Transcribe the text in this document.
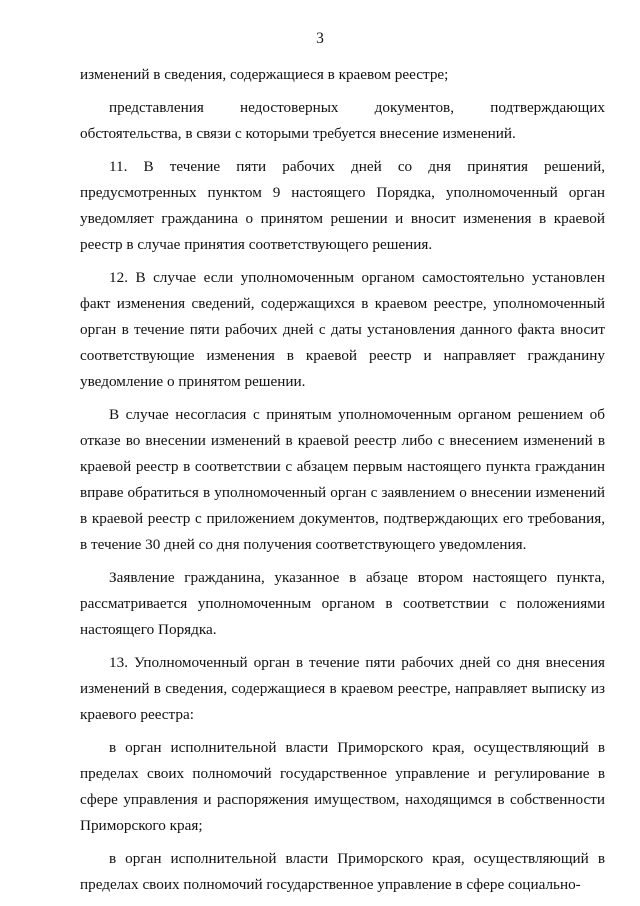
3

изменений в сведения, содержащиеся в краевом реестре;

представления недостоверных документов, подтверждающих обстоятельства, в связи с которыми требуется внесение изменений.

11. В течение пяти рабочих дней со дня принятия решений, предусмотренных пунктом 9 настоящего Порядка, уполномоченный орган уведомляет гражданина о принятом решении и вносит изменения в краевой реестр в случае принятия соответствующего решения.

12. В случае если уполномоченным органом самостоятельно установлен факт изменения сведений, содержащихся в краевом реестре, уполномоченный орган в течение пяти рабочих дней с даты установления данного факта вносит соответствующие изменения в краевой реестр и направляет гражданину уведомление о принятом решении.

В случае несогласия с принятым уполномоченным органом решением об отказе во внесении изменений в краевой реестр либо с внесением изменений в краевой реестр в соответствии с абзацем первым настоящего пункта гражданин вправе обратиться в уполномоченный орган с заявлением о внесении изменений в краевой реестр с приложением документов, подтверждающих его требования, в течение 30 дней со дня получения соответствующего уведомления.

Заявление гражданина, указанное в абзаце втором настоящего пункта, рассматривается уполномоченным органом в соответствии с положениями настоящего Порядка.

13. Уполномоченный орган в течение пяти рабочих дней со дня внесения изменений в сведения, содержащиеся в краевом реестре, направляет выписку из краевого реестра:

в орган исполнительной власти Приморского края, осуществляющий в пределах своих полномочий государственное управление и регулирование в сфере управления и распоряжения имуществом, находящимся в собственности Приморского края;

в орган исполнительной власти Приморского края, осуществляющий в пределах своих полномочий государственное управление в сфере социально-
